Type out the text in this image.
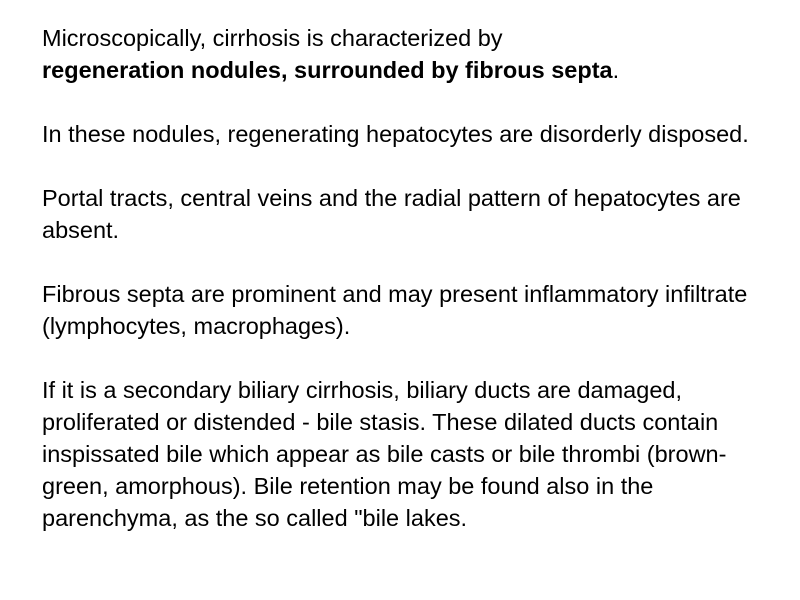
Microscopically, cirrhosis is characterized by
regeneration nodules, surrounded by fibrous septa.

In these nodules, regenerating hepatocytes are disorderly disposed.

Portal tracts, central veins and the radial pattern of hepatocytes are absent.

Fibrous septa are prominent and may present inflammatory infiltrate (lymphocytes, macrophages).

If it is a secondary biliary cirrhosis, biliary ducts are damaged, proliferated or distended - bile stasis. These dilated ducts contain inspissated bile which appear as bile casts or bile thrombi (brown-green, amorphous). Bile retention may be found also in the parenchyma, as the so called "bile lakes.
